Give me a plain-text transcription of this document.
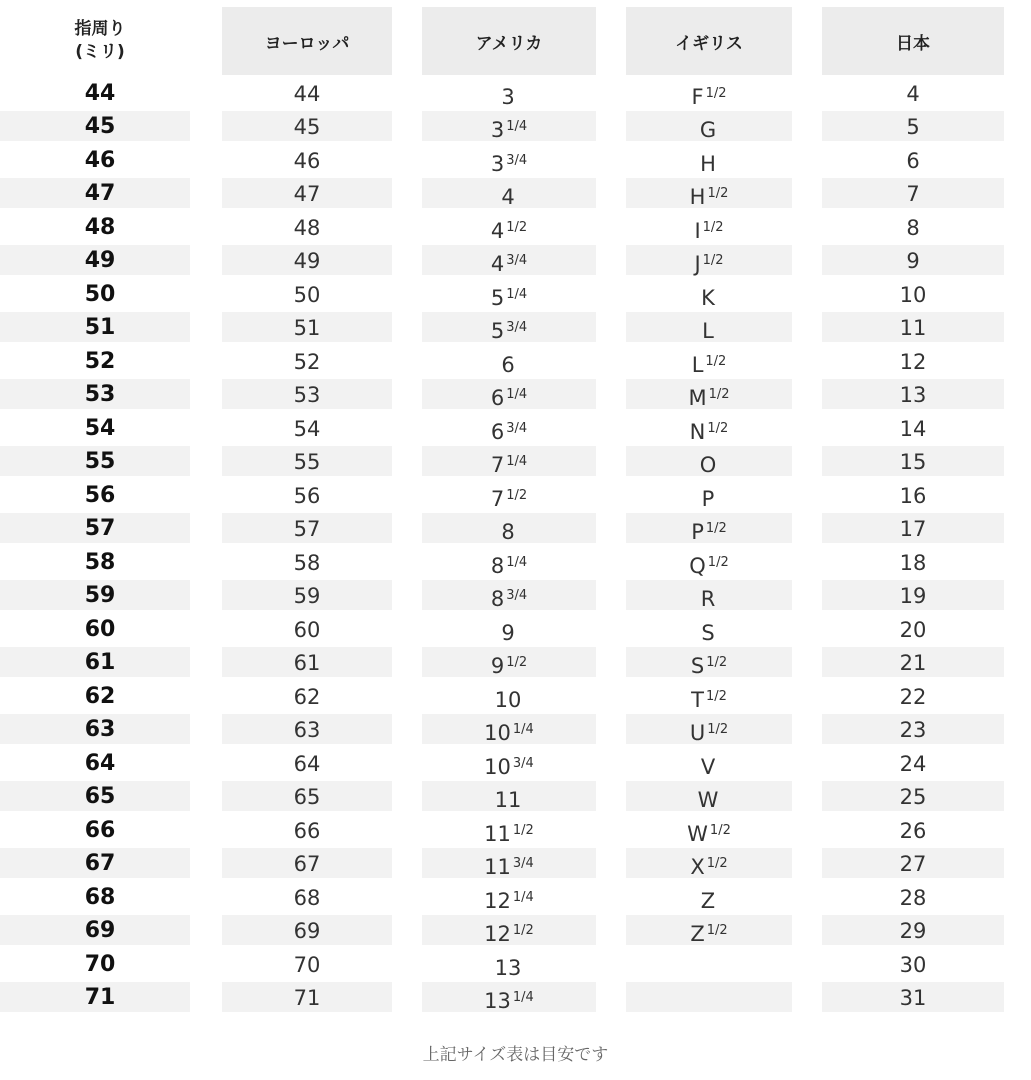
指周り
(ミリ)	ヨーロッパ	アメリカ	イギリス	日本

44	44	3	F $^{1/2}$	4

45	45	3 $^{1/4}$	G	5

46	46	3 $^{3/4}$	H	6

47	47	4	H $^{1/2}$	7

48	48	4 $^{1/2}$	I $^{1/2}$	8

49	49	4 $^{3/4}$	J $^{1/2}$	9

50	50	5 $^{1/4}$	K	10

51	51	5 $^{3/4}$	L	11

52	52	6	L $^{1/2}$	12

53	53	6 $^{1/4}$	M $^{1/2}$	13

54	54	6 $^{3/4}$	N $^{1/2}$	14

55	55	7 $^{1/4}$	O	15

56	56	7 $^{1/2}$	P	16

57	57	8	P $^{1/2}$	17

58	58	8 $^{1/4}$	Q $^{1/2}$	18

59	59	8 $^{3/4}$	R	19

60	60	9	S	20

61	61	9 $^{1/2}$	S $^{1/2}$	21

62	62	10	T $^{1/2}$	22

63	63	10 $^{1/4}$	U $^{1/2}$	23

64	64	10 $^{3/4}$	V	24

65	65	11	W	25

66	66	11 $^{1/2}$	W $^{1/2}$	26

67	67	11 $^{3/4}$	X $^{1/2}$	27

68	68	12 $^{1/4}$	Z	28

69	69	12 $^{1/2}$	Z $^{1/2}$	29

70	70	13		30

71	71	13 $^{1/4}$		31
上記サイズ表は目安です
